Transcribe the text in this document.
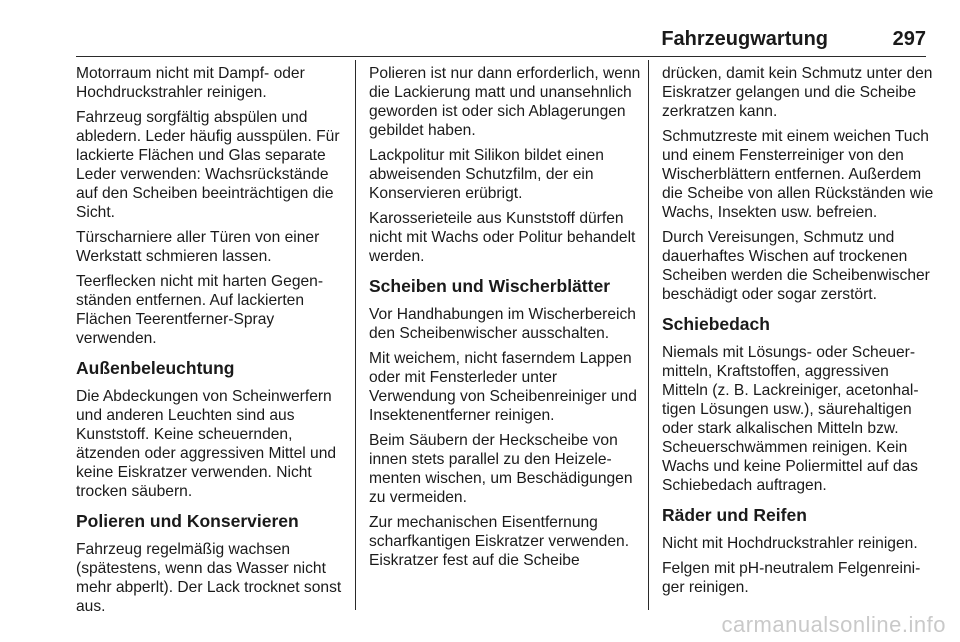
Fahrzeugwartung	297

Motorraum nicht mit Dampf- oder Hochdruckstrahler reinigen.

Fahrzeug sorgfältig abspülen und abledern. Leder häufig ausspülen. Für lackierte Flächen und Glas separate Leder verwenden: Wachsrückstände auf den Scheiben beeinträchtigen die Sicht.

Türscharniere aller Türen von einer Werkstatt schmieren lassen.

Teerflecken nicht mit harten Gegenständen entfernen. Auf lackierten Flächen Teerentferner-Spray verwenden.

Außenbeleuchtung

Die Abdeckungen von Scheinwerfern und anderen Leuchten sind aus Kunststoff. Keine scheuernden, ätzenden oder aggressiven Mittel und keine Eiskratzer verwenden. Nicht trocken säubern.

Polieren und Konservieren

Fahrzeug regelmäßig wachsen (spätestens, wenn das Wasser nicht mehr abperlt). Der Lack trocknet sonst aus.

Polieren ist nur dann erforderlich, wenn die Lackierung matt und unansehnlich geworden ist oder sich Ablagerungen gebildet haben.

Lackpolitur mit Silikon bildet einen abweisenden Schutzfilm, der ein Konservieren erübrigt.

Karosserieteile aus Kunststoff dürfen nicht mit Wachs oder Politur behandelt werden.

Scheiben und Wischerblätter

Vor Handhabungen im Wischerbereich den Scheibenwischer ausschalten.

Mit weichem, nicht faserndem Lappen oder mit Fensterleder unter Verwendung von Scheibenreiniger und Insektenentferner reinigen.

Beim Säubern der Heckscheibe von innen stets parallel zu den Heizelementen wischen, um Beschädigungen zu vermeiden.

Zur mechanischen Eisentfernung scharfkantigen Eiskratzer verwenden. Eiskratzer fest auf die Scheibe

drücken, damit kein Schmutz unter den Eiskratzer gelangen und die Scheibe zerkratzen kann.

Schmutzreste mit einem weichen Tuch und einem Fensterreiniger von den Wischerblättern entfernen. Außerdem die Scheibe von allen Rückständen wie Wachs, Insekten usw. befreien.

Durch Vereisungen, Schmutz und dauerhaftes Wischen auf trockenen Scheiben werden die Scheibenwischer beschädigt oder sogar zerstört.

Schiebedach

Niemals mit Lösungs- oder Scheuermitteln, Kraftstoffen, aggressiven Mitteln (z. B. Lackreiniger, acetonhaltigen Lösungen usw.), säurehaltigen oder stark alkalischen Mitteln bzw. Scheuerschwämmen reinigen. Kein Wachs und keine Poliermittel auf das Schiebedach auftragen.

Räder und Reifen

Nicht mit Hochdruckstrahler reinigen.

Felgen mit pH-neutralem Felgenreiniger reinigen.

carmanualsonline.info
